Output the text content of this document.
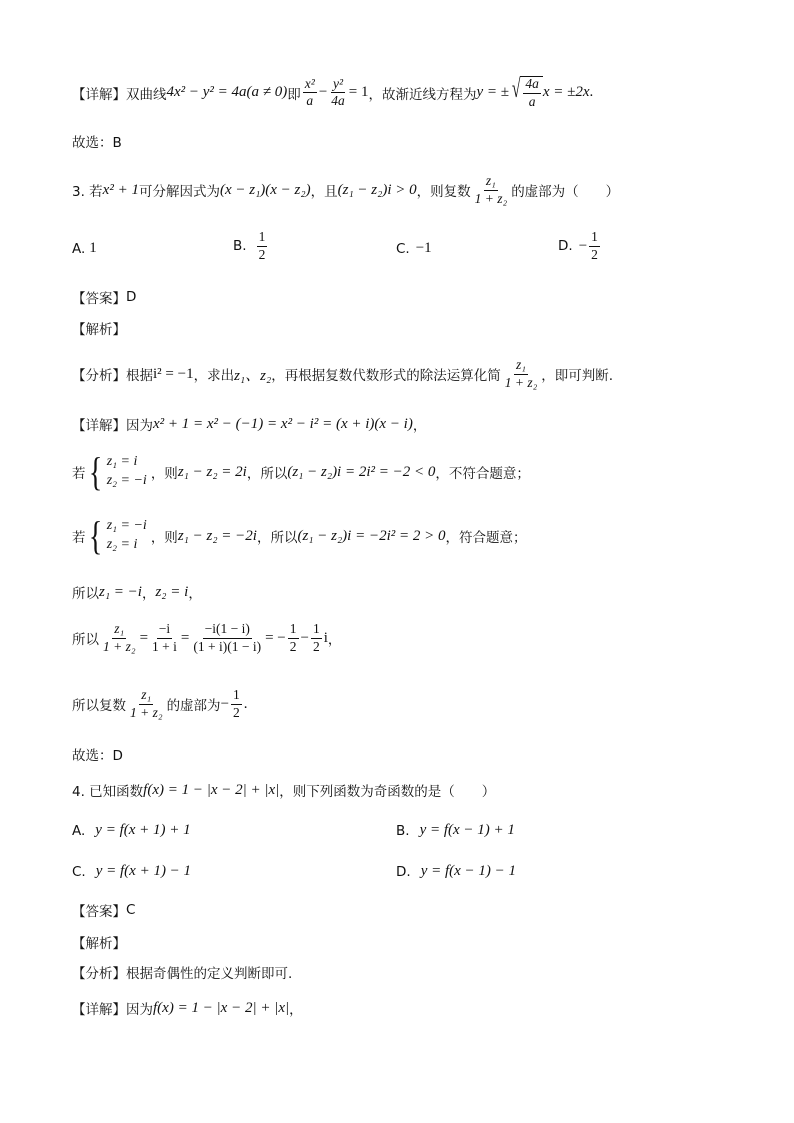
【详解】 双曲线 4x² − y² = 4a(a ≠ 0) 即 $\frac{\text{x²}}{a} - \frac{\text{y²}}{4a} = 1$ ，故渐近线方程为 y = ± √ $\frac{4a}{a}$ x = ±2x .
故选：B
3. 若 x² + 1 可分解因式为 (x − z₁)(x − z₂) ，且 (z₁ − z₂)i > 0 ，则复数 $\frac{\text{z₁}}{\text{1 + z₂}}$ 的虚部为（　　）
A. 1	B. $\frac{1}{2}$	C. −1	D. − $\frac{1}{2}$
【答案】 D
【解析】
【分析】 根据 i² = −1 ，求出 z₁、z₂ ，再根据复数代数形式的除法运算化简 $\frac{\text{z₁}}{\text{1 + z₂}}$ ，即可判断.
【详解】 因为 x² + 1 = x² − (−1) = x² − i² = (x + i)(x − i) ，
若 { z₁ = i
z₂ = −i ，则 z₁ − z₂ = 2i ，所以 (z₁ − z₂)i = 2i² = −2 < 0 ，不符合题意；
若 { z₁ = −i
z₂ = i ，则 z₁ − z₂ = −2i ，所以 (z₁ − z₂)i = −2i² = 2 > 0 ，符合题意；
所以 z₁ = −i ， z₂ = i ，
所以 $\frac{\text{z₁}}{\text{1 + z₂}} = \frac{-i}{1 + i} = \frac{-i(1 - i)}{(1 + i)(1 - i)}$ = − $\frac{1}{2} - \frac{1}{2}$ i ，
所以复数 $\frac{\text{z₁}}{\text{1 + z₂}}$ 的虚部为 − $\frac{1}{2}$ .
故选：D
4. 已知函数 f(x) = 1 − |x − 2| + |x| ，则下列函数为奇函数的是（　　）
A. y = f(x + 1) + 1	B. y = f(x − 1) + 1
C. y = f(x + 1) − 1	D. y = f(x − 1) − 1
【答案】 C
【解析】
【分析】 根据奇偶性的定义判断即可.
【详解】 因为 f(x) = 1 − |x − 2| + |x| ，
